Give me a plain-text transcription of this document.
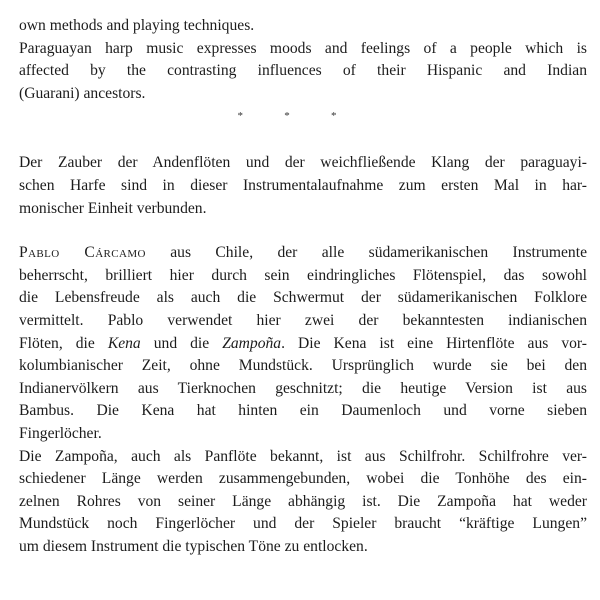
own methods and playing techniques.
Paraguayan harp music expresses moods and feelings of a people which is
affected by the contrasting influences of their Hispanic and Indian
(Guarani) ancestors.
*	*	*
Der Zauber der Andenflöten und der weichfließende Klang der paraguayi-
schen Harfe sind in dieser Instrumentalaufnahme zum ersten Mal in har-
monischer Einheit verbunden.
Pablo Cárcamo aus Chile, der alle südamerikanischen Instrumente
beherrscht, brilliert hier durch sein eindringliches Flötenspiel, das sowohl
die Lebensfreude als auch die Schwermut der südamerikanischen Folklore
vermittelt. Pablo verwendet hier zwei der bekanntesten indianischen
Flöten, die Kena und die Zampoña. Die Kena ist eine Hirtenflöte aus vor-
kolumbianischer Zeit, ohne Mundstück. Ursprünglich wurde sie bei den
Indianervölkern aus Tierknochen geschnitzt; die heutige Version ist aus
Bambus. Die Kena hat hinten ein Daumenloch und vorne sieben
Fingerlöcher.
Die Zampoña, auch als Panflöte bekannt, ist aus Schilfrohr. Schilfrohre ver-
schiedener Länge werden zusammengebunden, wobei die Tonhöhe des ein-
zelnen Rohres von seiner Länge abhängig ist. Die Zampoña hat weder
Mundstück noch Fingerlöcher und der Spieler braucht “kräftige Lungen”
um diesem Instrument die typischen Töne zu entlocken.
